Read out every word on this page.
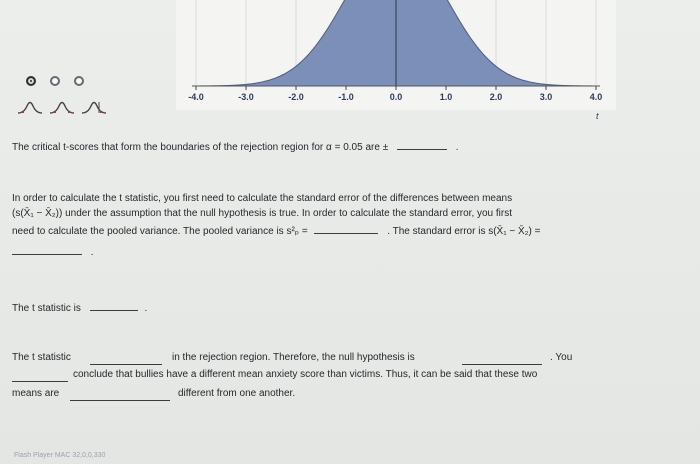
-4.0	-3.0	-2.0	-1.0	0.0	1.0	2.0	3.0	4.0
t
The critical t-scores that form the boundaries of the rejection region for α = 0.05 are ±	.
In order to calculate the t statistic, you first need to calculate the standard error of the differences between means
(s(X̄₁ − X̄₂)) under the assumption that the null hypothesis is true. In order to calculate the standard error, you first
need to calculate the pooled variance. The pooled variance is s²ₚ =	. The standard error is s(X̄₁ − X̄₂) =
.
The t statistic is	.
The t statistic	in the rejection region. Therefore, the null hypothesis is	. You
conclude that bullies have a different mean anxiety score than victims. Thus, it can be said that these two
means are	different from one another.
Flash Player MAC 32,0,0,330
